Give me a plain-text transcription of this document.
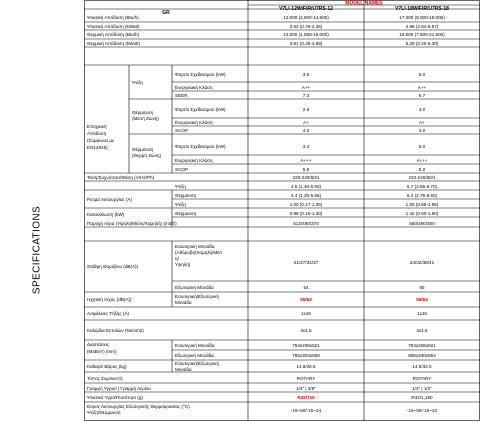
SPECIFICATIONS
GR
MODEL NAMES
V7LI-12WiFiR/U7RS-12	V7LI-18WiFiR/U7RS-18
Ψυκτική Απόδοση (Btu/h)	12.000 (2.600-14.500)	17.000 (9.000-19.000)
Ψυκτική Απόδοση (kWatt)	3.52 (0.76-4.25)	4.98 (2.64-5.57)
Θερμική Απόδοση (Btu/h)	13.000 (1.550-16.000)	18.000 (7.500-21.500)
Θερμική Απόδοση (kWatt)	3.81 (0.45-4.69)	5.28 (2.20-6.30)
Εποχιακή Απόδοση (Σύμφωνα με EN14825)
Ψύξη
Φορτίο Σχεδιασμού (kW)	3.5	5.0
Ενεργειακή Κλάση	A++	A++
SEER	7.3	6.7
Θέρμανση (Μέση Ζώνη)
Φορτίο Σχεδιασμού (kW)	2.6	4.0
Ενεργειακή Κλάση	A+	A+
SCOP	4.0	4.0
Θέρμανση (Θερμή Ζώνη)
Φορτίο Σχεδιασμού (kW)	3.4	5.0
Ενεργειακή Κλάση	A+++	A+++
SCOP	5.5	5.0
Τάση/Συχνότητα/Φάση (V/Hz/Ph)	220-240/50/1	220-240/50/1
Ρεύμα Λειτουργίας (Α)
Ψύξη	4.5 (1.40-5.90)	6.7 (3.55-8.70)
Θέρμανση	4.4 (1.25-5.95)	6.4 (2.75-8.50)
Κατανάλωση (kW)
Ψύξη	1.00 (0.17-1.35)	1.50 (0.65-1.95)
Θέρμανση	0.98 (0.15-1.30)	1.42 (0.60-1.90)
Παροχή Αέρα (Υψηλή/Μέση/Χαμηλή) (m3/h)	512/480/370	560/480/400
Στάθμη Θορύβου (dB(A))
Εσωτερική Μονάδα (Αθόρυβη/Χαμηλή/Μέσ η/ Υψηλή)	21/27/34/37	24/32/38/41
Εξωτερική Μονάδα	54	55
Ηχητική Ισχύς (dB(A))
Εσωτερική/Εξωτερική Μονάδα
55/63	56/64
Ασφάλειες Τήξης (Α)	1x16	1x16
Καλώδια Εντολών (Νxmm2)	4x1.5	4x1.5
Διαστάσεις (ΜxΒxΥ) (mm)
Εσωτερική Μονάδα	794x206x621	794x206x621
Εξωτερική Μονάδα	765x303x555	805x330x554
Καθαρό Βάρος (kg)
Εσωτερική/Εξωτερική Μονάδα
14.9/26.6	14.9/32.5
Τύπος Συμπιεστή	ROTARY	ROTARY
Γραμμή Υγρού | Γραμμή Αερίου	1/4" | 3/8"	1/4" | 1/2"
Ψυκτικό Υγρό/Ποσότητα (g)	R32/710	R32/1,150
Εύρος Λειτουργίας Εξωτερικής Θερμοκρασίας (°C) Ψύξη/Θέρμανση	-15~50/-15~24	-15~50/-15~24
